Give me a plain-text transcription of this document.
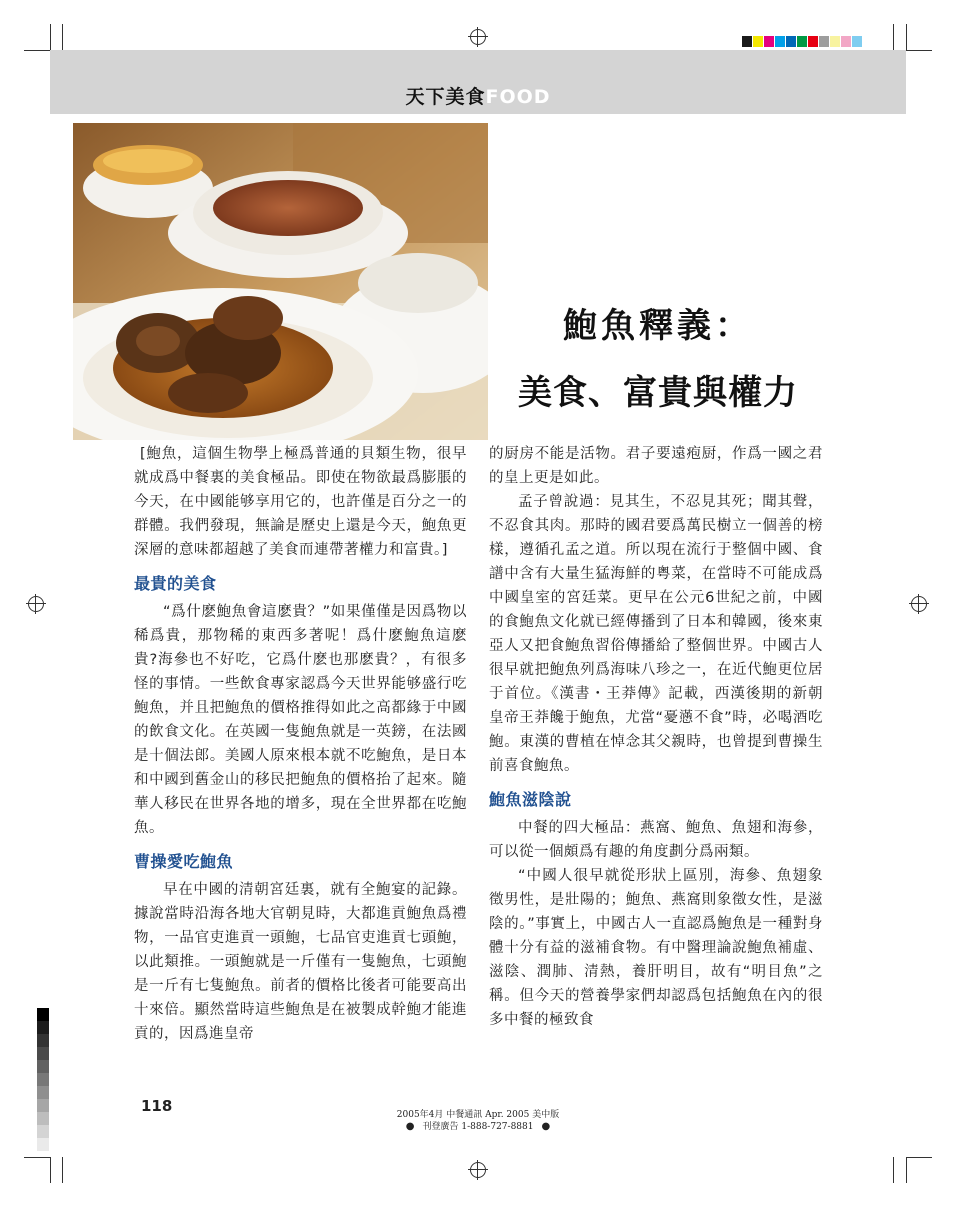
天下美食FOOD
鮑魚釋義：
美食、富貴與權力

[鮑魚，這個生物學上極爲普通的貝類生物，很早就成爲中餐裏的美食極品。即使在物欲最爲膨脹的今天，在中國能够享用它的，也許僅是百分之一的群體。我們發現，無論是歷史上還是今天，鮑魚更深層的意味都超越了美食而連帶著權力和富貴。]

最貴的美食

“爲什麽鮑魚會這麽貴？”如果僅僅是因爲物以稀爲貴，那物稀的東西多著呢！爲什麽鮑魚這麽貴?海參也不好吃，它爲什麽也那麽貴？，有很多怪的事情。一些飲食專家認爲今天世界能够盛行吃鮑魚，并且把鮑魚的價格推得如此之高都緣于中國的飲食文化。在英國一隻鮑魚就是一英鎊，在法國是十個法郎。美國人原來根本就不吃鮑魚，是日本和中國到舊金山的移民把鮑魚的價格抬了起來。隨華人移民在世界各地的增多，現在全世界都在吃鮑魚。

曹操愛吃鮑魚

早在中國的清朝宮廷裏，就有全鮑宴的記錄。據說當時沿海各地大官朝見時，大都進貢鮑魚爲禮物，一品官吏進貢一頭鮑，七品官吏進貢七頭鮑，以此類推。一頭鮑就是一斤僅有一隻鮑魚，七頭鮑是一斤有七隻鮑魚。前者的價格比後者可能要高出十來倍。顯然當時這些鮑魚是在被製成幹鮑才能進貢的，因爲進皇帝

的厨房不能是活物。君子要遠疱厨，作爲一國之君的皇上更是如此。

孟子曾說過：見其生，不忍見其死；聞其聲，不忍食其肉。那時的國君要爲萬民樹立一個善的榜樣，遵循孔孟之道。所以現在流行于整個中國、食譜中含有大量生猛海鮮的粤菜，在當時不可能成爲中國皇室的宮廷菜。更早在公元6世紀之前，中國的食鮑魚文化就已經傳播到了日本和韓國，後來東亞人又把食鮑魚習俗傳播給了整個世界。中國古人很早就把鮑魚列爲海味八珍之一，在近代鮑更位居于首位。《漢書・王莽傳》記載，西漢後期的新朝皇帝王莽饞于鮑魚，尤當“憂懣不食”時，必喝酒吃鮑。東漢的曹植在悼念其父親時，也曾提到曹操生前喜食鮑魚。

鮑魚滋陰說

中餐的四大極品：燕窩、鮑魚、魚翅和海參，可以從一個頗爲有趣的角度劃分爲兩類。

“中國人很早就從形狀上區別，海參、魚翅象徵男性，是壯陽的；鮑魚、燕窩則象徵女性，是滋陰的。”事實上，中國古人一直認爲鮑魚是一種對身體十分有益的滋補食物。有中醫理論說鮑魚補虛、滋陰、潤肺、清熱，養肝明目，故有“明目魚”之稱。但今天的營養學家們却認爲包括鮑魚在內的很多中餐的極致食

118	2005年4月 中餐通訊 Apr. 2005 美中版
● 刊登廣告 1-888-727-8881 ●
